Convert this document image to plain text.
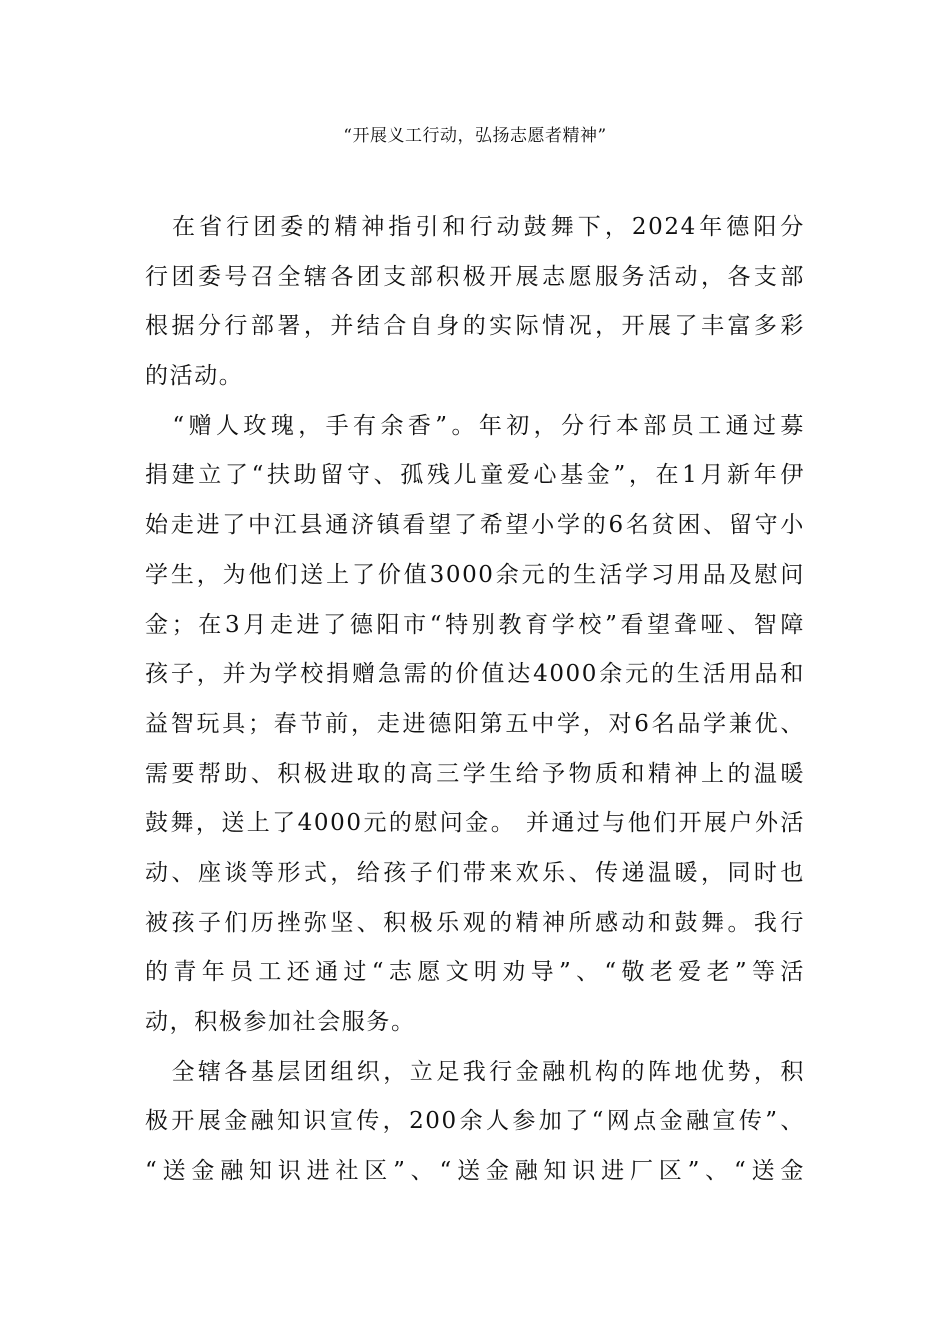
“开展义工行动，弘扬志愿者精神”
　在省行团委的精神指引和行动鼓舞下，2024年德阳分
行团委号召全辖各团支部积极开展志愿服务活动，各支部
根据分行部署，并结合自身的实际情况，开展了丰富多彩
的活动。
　“赠人玫瑰，手有余香”。年初，分行本部员工通过募
捐建立了“扶助留守、孤残儿童爱心基金”，在1月新年伊
始走进了中江县通济镇看望了希望小学的6名贫困、留守小
学生，为他们送上了价值3000余元的生活学习用品及慰问
金；在3月走进了德阳市“特别教育学校”看望聋哑、智障
孩子，并为学校捐赠急需的价值达4000余元的生活用品和
益智玩具；春节前，走进德阳第五中学，对6名品学兼优、
需要帮助、积极进取的高三学生给予物质和精神上的温暖
鼓舞，送上了4000元的慰问金。 并通过与他们开展户外活
动、座谈等形式，给孩子们带来欢乐、传递温暖，同时也
被孩子们历挫弥坚、积极乐观的精神所感动和鼓舞。我行
的青年员工还通过“志愿文明劝导”、“敬老爱老”等活
动，积极参加社会服务。
　全辖各基层团组织，立足我行金融机构的阵地优势，积
极开展金融知识宣传，200余人参加了“网点金融宣传”、
“送金融知识进社区”、“送金融知识进厂区”、“送金
